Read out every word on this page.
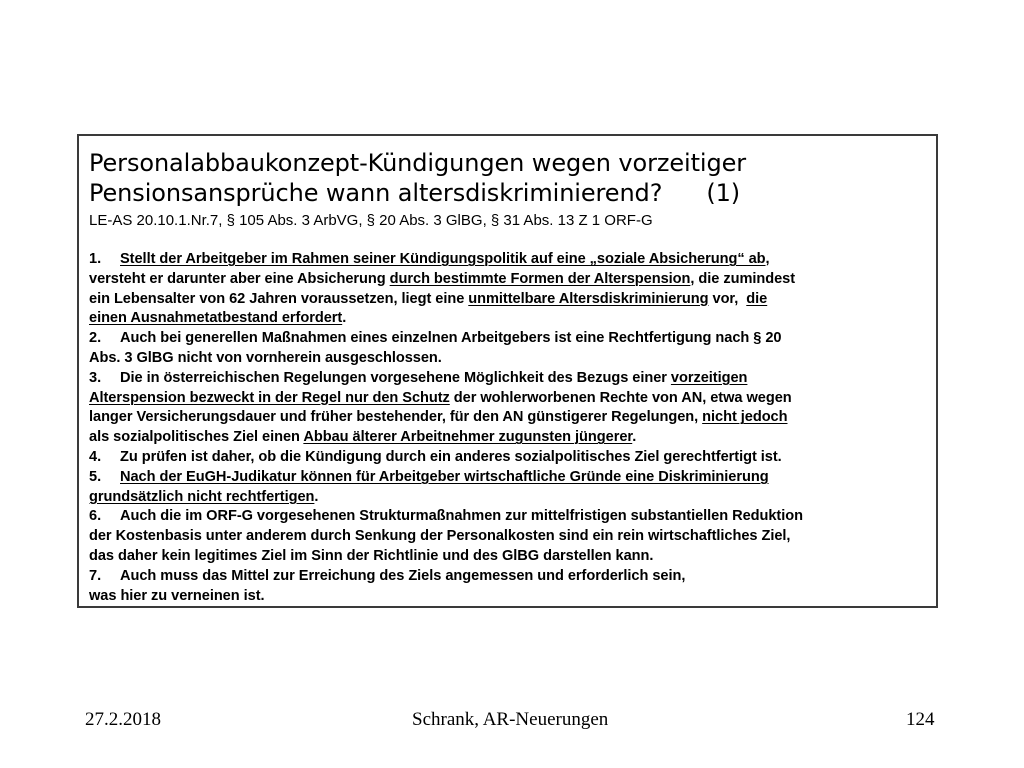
Personalabbaukonzept-Kündigungen wegen vorzeitiger
Pensionsansprüche wann altersdiskriminierend? (1)
LE-AS 20.10.1.Nr.7, § 105 Abs. 3 ArbVG, § 20 Abs. 3 GlBG, § 31 Abs. 13 Z 1 ORF-G
1. Stellt der Arbeitgeber im Rahmen seiner Kündigungspolitik auf eine „soziale Absicherung“ ab,
versteht er darunter aber eine Absicherung durch bestimmte Formen der Alterspension, die zumindest
ein Lebensalter von 62 Jahren voraussetzen, liegt eine unmittelbare Altersdiskriminierung vor,  die
einen Ausnahmetatbestand erfordert.
2. Auch bei generellen Maßnahmen eines einzelnen Arbeitgebers ist eine Rechtfertigung nach § 20
Abs. 3 GlBG nicht von vornherein ausgeschlossen.
3. Die in österreichischen Regelungen vorgesehene Möglichkeit des Bezugs einer vorzeitigen
Alterspension bezweckt in der Regel nur den Schutz der wohlerworbenen Rechte von AN, etwa wegen
langer Versicherungsdauer und früher bestehender, für den AN günstigerer Regelungen, nicht jedoch
als sozialpolitisches Ziel einen Abbau älterer Arbeitnehmer zugunsten jüngerer.
4. Zu prüfen ist daher, ob die Kündigung durch ein anderes sozialpolitisches Ziel gerechtfertigt ist.
5. Nach der EuGH-Judikatur können für Arbeitgeber wirtschaftliche Gründe eine Diskriminierung
grundsätzlich nicht rechtfertigen.
6. Auch die im ORF-G vorgesehenen Strukturmaßnahmen zur mittelfristigen substantiellen Reduktion
der Kostenbasis unter anderem durch Senkung der Personalkosten sind ein rein wirtschaftliches Ziel,
das daher kein legitimes Ziel im Sinn der Richtlinie und des GlBG darstellen kann.
7. Auch muss das Mittel zur Erreichung des Ziels angemessen und erforderlich sein,
was hier zu verneinen ist.
27.2.2018	Schrank, AR-Neuerungen	124
